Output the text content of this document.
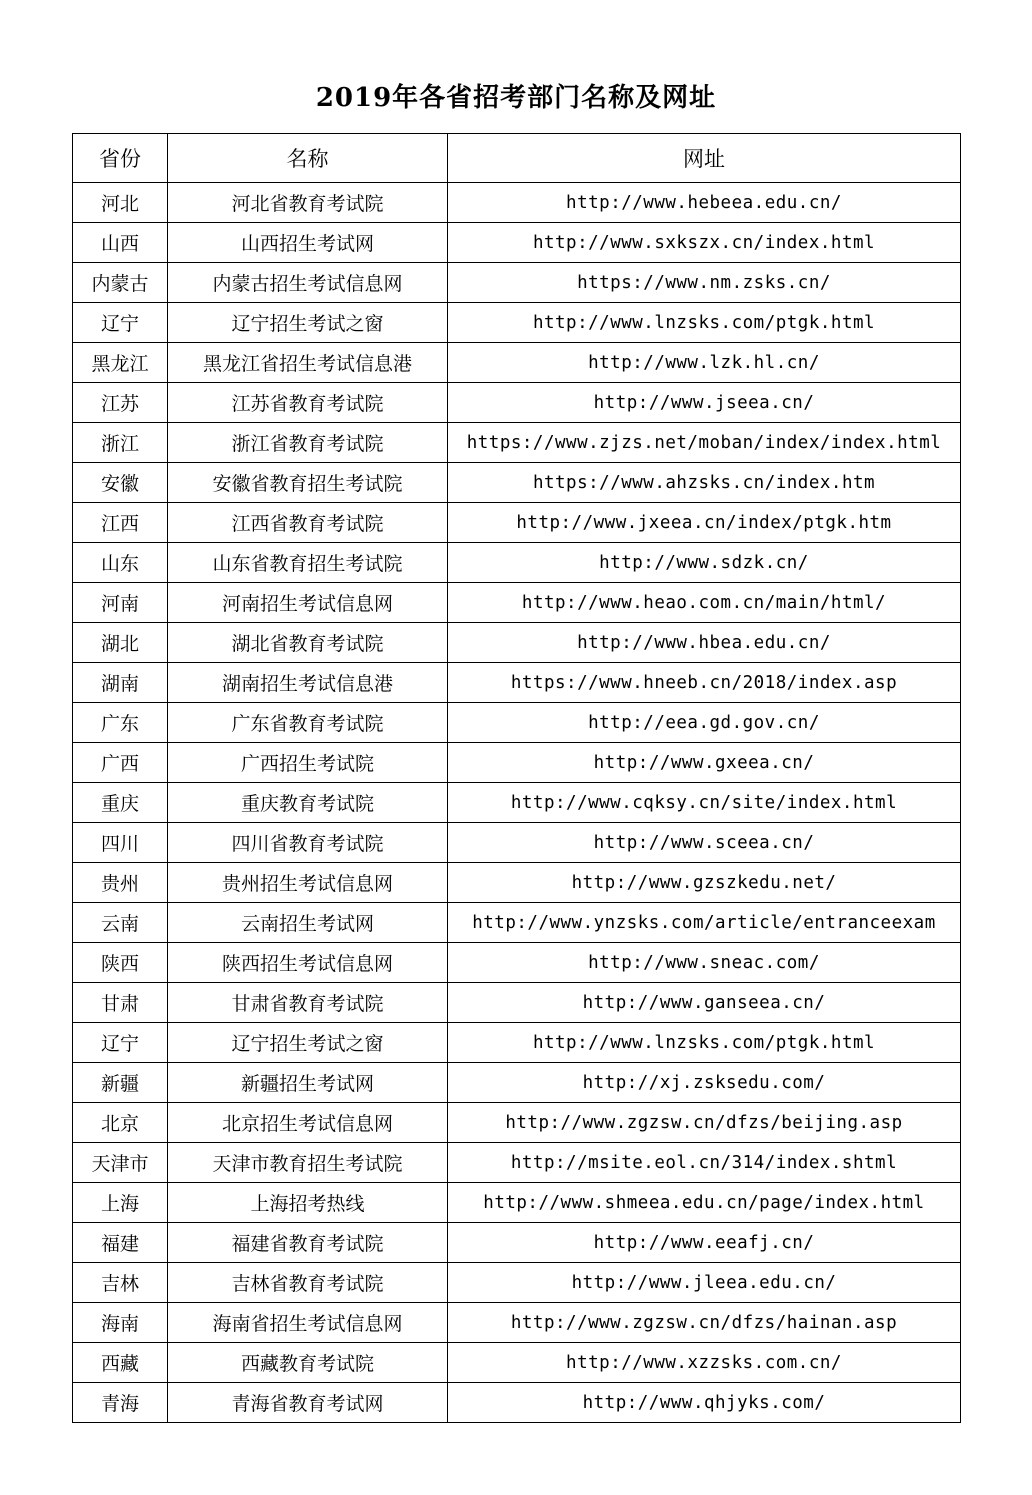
2019年各省招考部门名称及网址
省份	名称	网址
河北	河北省教育考试院	http://www.hebeea.edu.cn/
山西	山西招生考试网	http://www.sxkszx.cn/index.html
内蒙古	内蒙古招生考试信息网	https://www.nm.zsks.cn/
辽宁	辽宁招生考试之窗	http://www.lnzsks.com/ptgk.html
黑龙江	黑龙江省招生考试信息港	http://www.lzk.hl.cn/
江苏	江苏省教育考试院	http://www.jseea.cn/
浙江	浙江省教育考试院	https://www.zjzs.net/moban/index/index.html
安徽	安徽省教育招生考试院	https://www.ahzsks.cn/index.htm
江西	江西省教育考试院	http://www.jxeea.cn/index/ptgk.htm
山东	山东省教育招生考试院	http://www.sdzk.cn/
河南	河南招生考试信息网	http://www.heao.com.cn/main/html/
湖北	湖北省教育考试院	http://www.hbea.edu.cn/
湖南	湖南招生考试信息港	https://www.hneeb.cn/2018/index.asp
广东	广东省教育考试院	http://eea.gd.gov.cn/
广西	广西招生考试院	http://www.gxeea.cn/
重庆	重庆教育考试院	http://www.cqksy.cn/site/index.html
四川	四川省教育考试院	http://www.sceea.cn/
贵州	贵州招生考试信息网	http://www.gzszkedu.net/
云南	云南招生考试网	http://www.ynzsks.com/article/entranceexam
陕西	陕西招生考试信息网	http://www.sneac.com/
甘肃	甘肃省教育考试院	http://www.ganseea.cn/
辽宁	辽宁招生考试之窗	http://www.lnzsks.com/ptgk.html
新疆	新疆招生考试网	http://xj.zsksedu.com/
北京	北京招生考试信息网	http://www.zgzsw.cn/dfzs/beijing.asp
天津市	天津市教育招生考试院	http://msite.eol.cn/314/index.shtml
上海	上海招考热线	http://www.shmeea.edu.cn/page/index.html
福建	福建省教育考试院	http://www.eeafj.cn/
吉林	吉林省教育考试院	http://www.jleea.edu.cn/
海南	海南省招生考试信息网	http://www.zgzsw.cn/dfzs/hainan.asp
西藏	西藏教育考试院	http://www.xzzsks.com.cn/
青海	青海省教育考试网	http://www.qhjyks.com/
